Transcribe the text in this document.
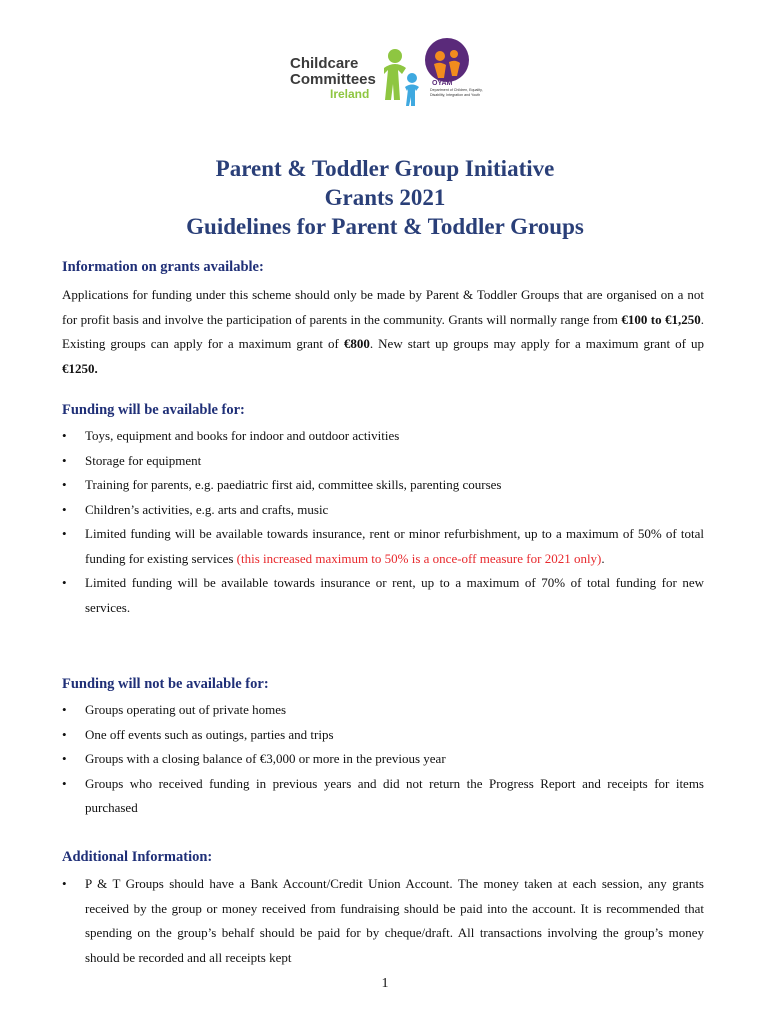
Childcare
Committees
Ireland
OYAM
Department of Children, Equality, Disability, Integration and Youth
Parent & Toddler Group Initiative
Grants 2021
Guidelines for Parent & Toddler Groups
Information on grants available:

Applications for funding under this scheme should only be made by Parent & Toddler Groups that are organised on a not for profit basis and involve the participation of parents in the community. Grants will normally range from €100 to €1,250. Existing groups can apply for a maximum grant of €800. New start up groups may apply for a maximum grant of up €1250.

Funding will be available for:
• Toys, equipment and books for indoor and outdoor activities
• Storage for equipment
• Training for parents, e.g. paediatric first aid, committee skills, parenting courses
• Children’s activities, e.g. arts and crafts, music
• Limited funding will be available towards insurance, rent or minor refurbishment, up to a maximum of 50% of total funding for existing services (this increased maximum to 50% is a once-off measure for 2021 only).
• Limited funding will be available towards insurance or rent, up to a maximum of 70% of total funding for new services.
Funding will not be available for:
• Groups operating out of private homes
• One off events such as outings, parties and trips
• Groups with a closing balance of €3,000 or more in the previous year
• Groups who received funding in previous years and did not return the Progress Report and receipts for items purchased
Additional Information:
• P & T Groups should have a Bank Account/Credit Union Account. The money taken at each session, any grants received by the group or money received from fundraising should be paid into the account. It is recommended that spending on the group’s behalf should be paid for by cheque/draft. All transactions involving the group’s money should be recorded and all receipts kept
1
